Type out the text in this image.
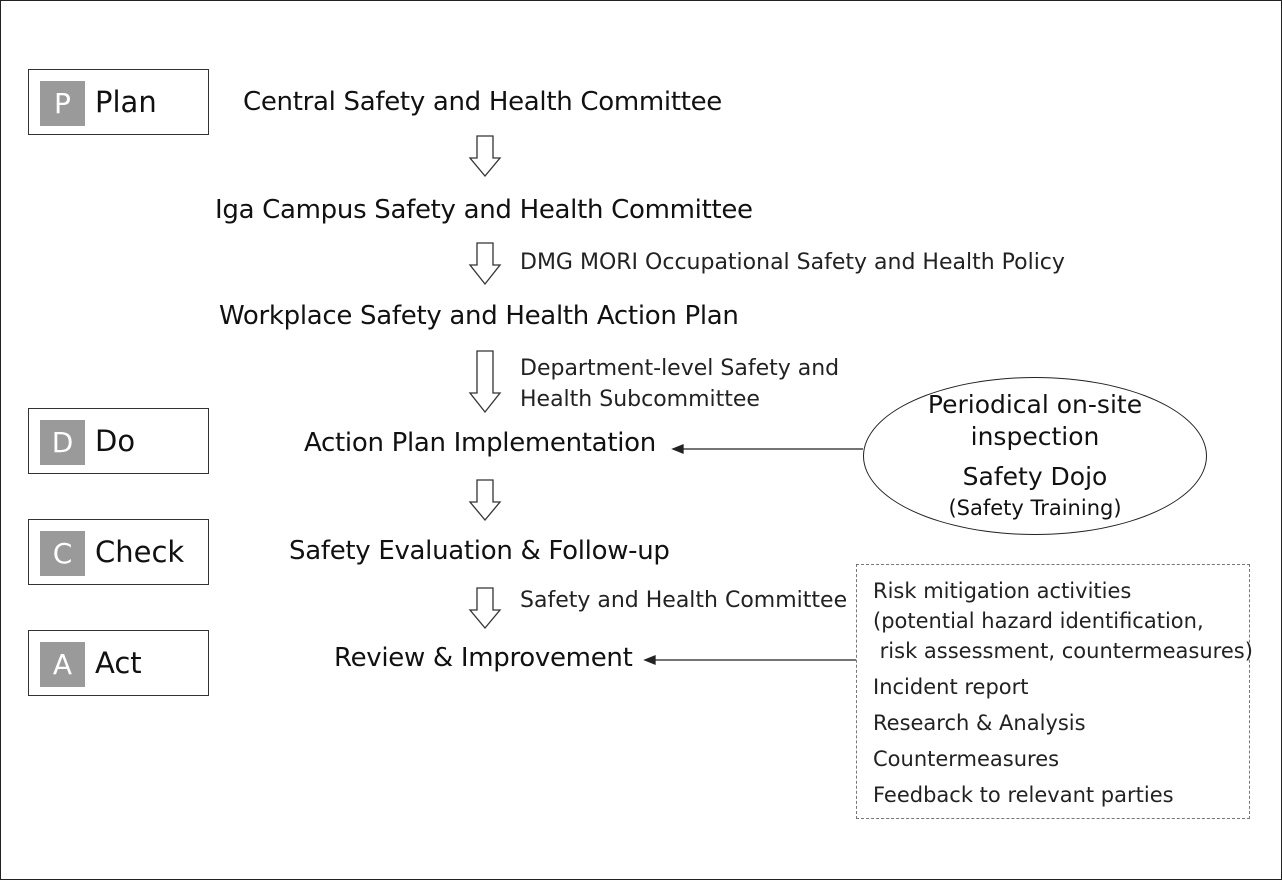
P Plan
D Do
C Check
A Act
Central Safety and Health Committee
Iga Campus Safety and Health Committee
Workplace Safety and Health Action Plan
Action Plan Implementation
Safety Evaluation & Follow-up
Review & Improvement
DMG MORI Occupational Safety and Health Policy
Department-level Safety and
Health Subcommittee
Safety and Health Committee
Periodical on-site
inspection
Safety Dojo
(Safety Training)
Risk mitigation activities
(potential hazard identification,
risk assessment, countermeasures)
Incident report
Research & Analysis
Countermeasures
Feedback to relevant parties
